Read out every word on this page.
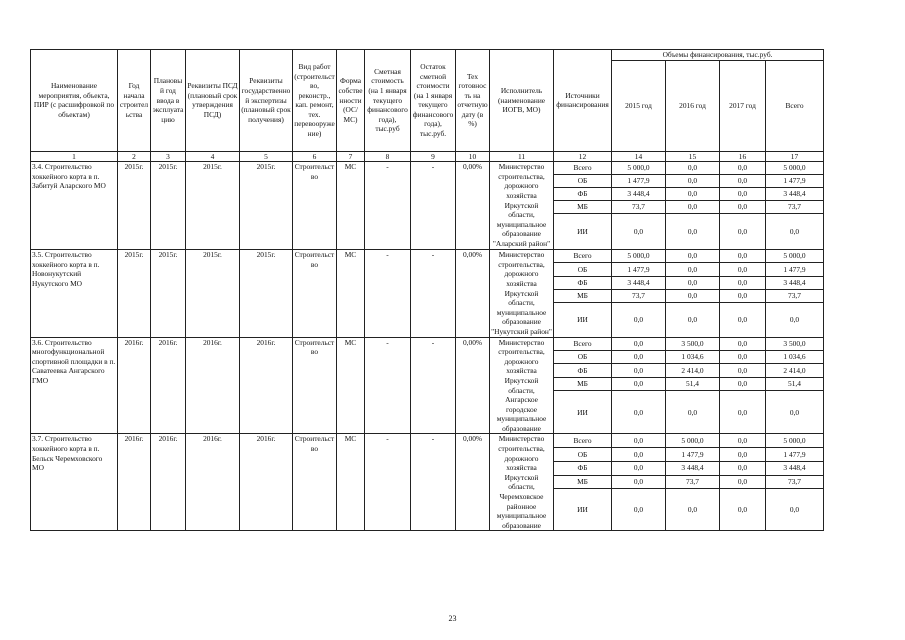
Наименование мероприятия, объекта, ПИР (с расшифровкой по объектам)	Год начала строительства	Плановый год ввода в эксплуатацию	Реквизиты ПСД (плановый срок утверждения ПСД)	Реквизиты государственной экспертизы (плановый срок получения)	Вид работ (строительство, реконстр., кап. ремонт, тех. перевооружение)	Форма собственности (ОС/МС)	Сметная стоимость (на 1 января текущего финансового года), тыс.руб	Остаток сметной стоимости (на 1 января текущего финансового года), тыс.руб.	Тех готовность на отчетную дату (в %)	Исполнитель (наименование ИОГВ, МО)	Источники финансирования	Объемы финансирования, тыс.руб.			
												2015 год	2016 год	2017 год	Всего
1	2	3	4	5	6	7	8	9	10	11	12	14	15	16	17
3.4. Строительство хоккейного корта в п. Забитуй Аларского МО	2015г.	2015г.	2015г.	2015г.	Строительство	МС	-	-	0,00%	Министерство строительства, дорожного хозяйства Иркутской области, муниципальное образование "Аларский район"	Всего	5 000,0	0,0	0,0	5 000,0
											ОБ	1 477,9	0,0	0,0	1 477,9
											ФБ	3 448,4	0,0	0,0	3 448,4
											МБ	73,7	0,0	0,0	73,7
											ИИ	0,0	0,0	0,0	0,0
3.5. Строительство хоккейного корта в п. Новонукутский Нукутского МО	2015г.	2015г.	2015г.	2015г.	Строительство	МС	-	-	0,00%	Министерство строительства, дорожного хозяйства Иркутской области, муниципальное образование "Нукутский район"	Всего	5 000,0	0,0	0,0	5 000,0
											ОБ	1 477,9	0,0	0,0	1 477,9
											ФБ	3 448,4	0,0	0,0	3 448,4
											МБ	73,7	0,0	0,0	73,7
											ИИ	0,0	0,0	0,0	0,0
3.6. Строительство многофункциональной спортивной площадки в п. Саватеевка Ангарского ГМО	2016г.	2016г.	2016г.	2016г.	Строительство	МС	-	-	0,00%	Министерство строительства, дорожного хозяйства Иркутской области, Ангарское городское муниципальное образование	Всего	0,0	3 500,0	0,0	3 500,0
											ОБ	0,0	1 034,6	0,0	1 034,6
											ФБ	0,0	2 414,0	0,0	2 414,0
											МБ	0,0	51,4	0,0	51,4
											ИИ	0,0	0,0	0,0	0,0
3.7. Строительство хоккейного корта в п. Бельск Черемховского МО	2016г.	2016г.	2016г.	2016г.	Строительство	МС	-	-	0,00%	Министерство строительства, дорожного хозяйства Иркутской области, Черемховское районное муниципальное образование	Всего	0,0	5 000,0	0,0	5 000,0
											ОБ	0,0	1 477,9	0,0	1 477,9
											ФБ	0,0	3 448,4	0,0	3 448,4
											МБ	0,0	73,7	0,0	73,7
											ИИ	0,0	0,0	0,0	0,0
23
